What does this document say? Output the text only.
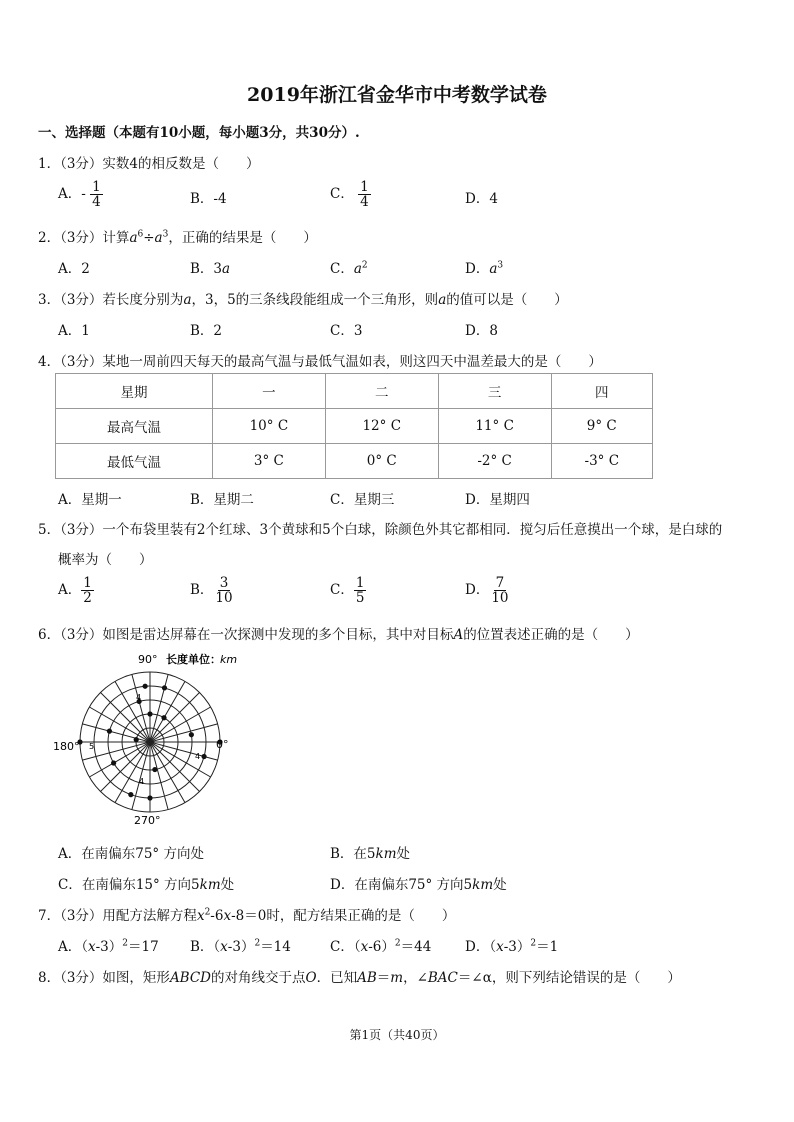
2019年浙江省金华市中考数学试卷
一、选择题（本题有10小题，每小题3分，共30分）.
1．（3分）实数4的相反数是（　　）
A．- $\frac{1}{4}$	B．-4	C． $\frac{1}{4}$	D．4
2．（3分）计算$a^6\div a^3$，正确的结果是（　　）
A．2	B．3a	C．$a^2$	D．$a^3$
3．（3分）若长度分别为a，3，5的三条线段能组成一个三角形，则a的值可以是（　　）
A．1	B．2	C．3	D．8
4．（3分）某地一周前四天每天的最高气温与最低气温如表，则这四天中温差最大的是（　　）
星期	一	二	三	四
最高气温	10° C	12° C	11° C	9° C
最低气温	3° C	0° C	-2° C	-3° C
A．星期一	B．星期二	C．星期三	D．星期四
5．（3分）一个布袋里装有2个红球、3个黄球和5个白球，除颜色外其它都相同．搅匀后任意摸出一个球，是白球的
概率为（　　）
A． $\frac{1}{2}$	B． $\frac{3}{10}$	C． $\frac{1}{5}$	D． $\frac{7}{10}$
6．（3分）如图是雷达屏幕在一次探测中发现的多个目标，其中对目标A的位置表述正确的是（　　）
90° 长度单位： km
180°	0°
270°
4
5
4
4
A．在南偏东75° 方向处	B．在5km处
C．在南偏东15° 方向5km处	D．在南偏东75° 方向5km处
7．（3分）用配方法解方程$x^2-6x-8=0$时，配方结果正确的是（　　）
A．$(x-3)^2=17$ B．$(x-3)^2=14$	C．$(x-6)^2=44$ D．$(x-3)^2=1$
8．（3分）如图，矩形ABCD的对角线交于点O．已知AB＝m，∠BAC＝∠α，则下列结论错误的是（　　）
第1页（共40页）
